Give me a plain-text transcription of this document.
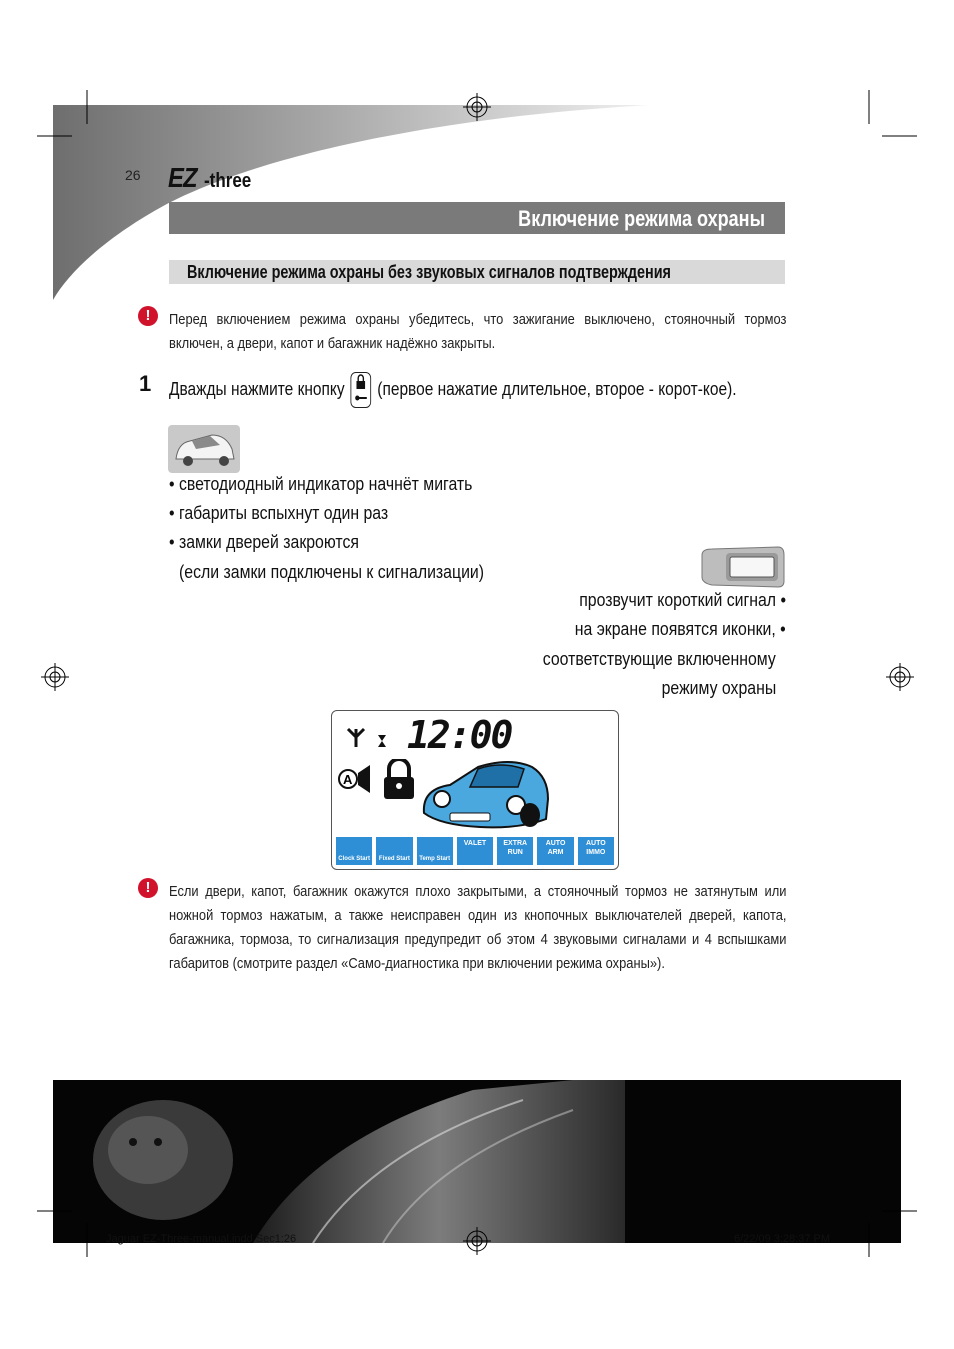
26 EZ -three
Включение режима охраны
Включение режима охраны без звуковых сигналов подтверждения
!	Перед включением режима охраны убедитесь, что зажигание выключено, стояночный тормоз включен, а двери, капот и багажник надёжно закрыты.
1 Дважды нажмите кнопку (первое нажатие длительное, второе - корот-кое).
• светодиодный индикатор начнёт мигать
• габариты вспыхнут один раз
• замки дверей закроются
(если замки подключены к сигнализации)
прозвучит короткий сигнал •
на экране появятся иконки, •
соответствующие включенному
режиму охраны
12:00
A
Clock Start	Fixed Start	Temp Start
VALET	EXTRA
RUN
AUTO
ARM
AUTO
IMMO
!	Если двери, капот, багажник окажутся плохо закрытыми, а стояночный тормоз не затянутым или ножной тормоз нажатым, а также неисправен один из кнопочных выключателей дверей, капота, багажника, тормоза, то сигнализация предупредит об этом 4 звуковыми сигналами и 4 вспышками габаритов (смотрите раздел «Само-диагностика при включении режима охраны»).
Jaguar EZ-Three-manual.indd Sec1:26	6/22/09 3:28:37 PM
